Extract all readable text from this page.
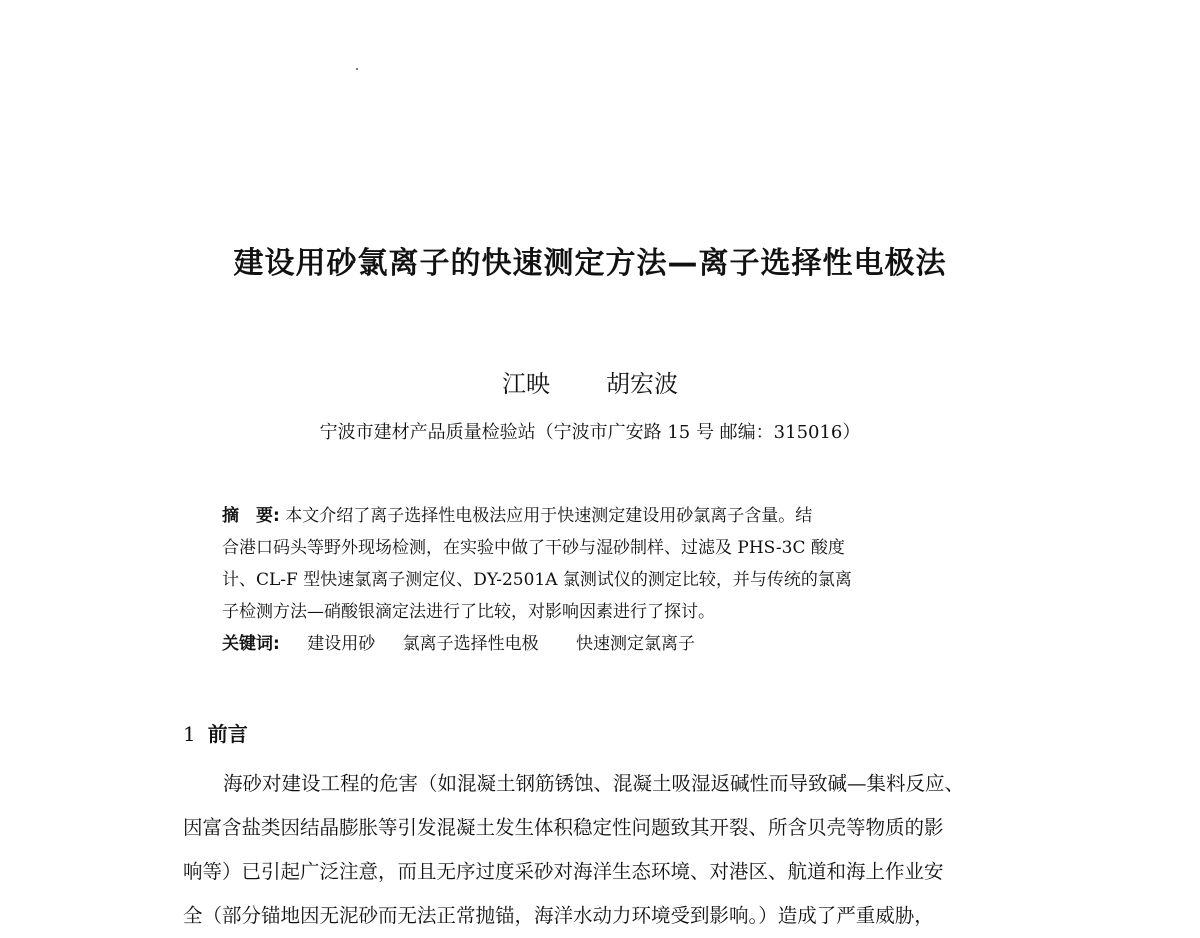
建设用砂氯离子的快速测定方法—离子选择性电极法
江映 胡宏波
宁波市建材产品质量检验站（宁波市广安路 15 号 邮编：315016）
摘　要: 本文介绍了离子选择性电极法应用于快速测定建设用砂氯离子含量。结
合港口码头等野外现场检测，在实验中做了干砂与湿砂制样、过滤及 PHS-3C 酸度
计、CL-F 型快速氯离子测定仪、DY-2501A 氯测试仪的测定比较，并与传统的氯离
子检测方法—硝酸银滴定法进行了比较，对影响因素进行了探讨。
关键词: 建设用砂 氯离子选择性电极 快速测定氯离子
1 前言
海砂对建设工程的危害（如混凝土钢筋锈蚀、混凝土吸湿返碱性而导致碱—集料反应、
因富含盐类因结晶膨胀等引发混凝土发生体积稳定性问题致其开裂、所含贝壳等物质的影
响等）已引起广泛注意，而且无序过度采砂对海洋生态环境、对港区、航道和海上作业安
全（部分锚地因无泥砂而无法正常抛锚，海洋水动力环境受到影响。）造成了严重威胁，
